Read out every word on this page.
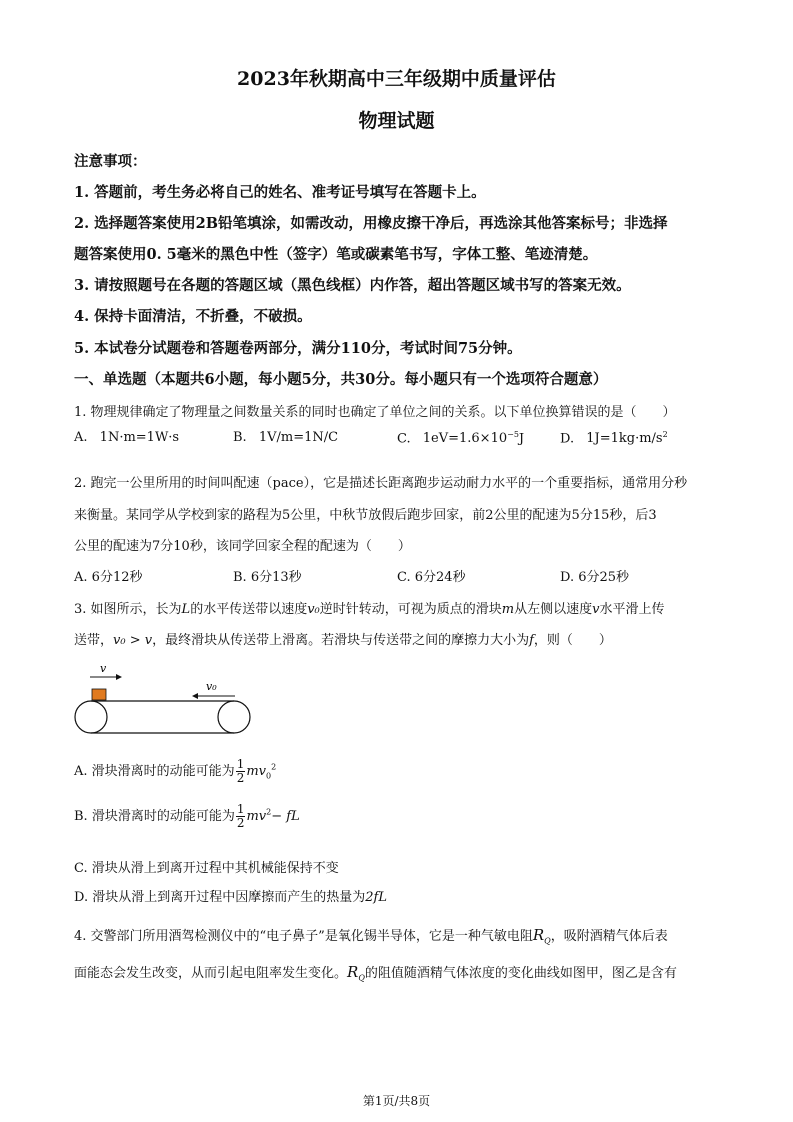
2023年秋期高中三年级期中质量评估
物理试题
注意事项：
1. 答题前，考生务必将自己的姓名、准考证号填写在答题卡上。
2. 选择题答案使用2B铅笔填涂，如需改动，用橡皮擦干净后，再选涂其他答案标号；非选择
题答案使用0. 5毫米的黑色中性（签字）笔或碳素笔书写，字体工整、笔迹清楚。
3. 请按照题号在各题的答题区域（黑色线框）内作答，超出答题区域书写的答案无效。
4. 保持卡面清洁，不折叠，不破损。
5. 本试卷分试题卷和答题卷两部分，满分110分，考试时间75分钟。
一、单选题（本题共6小题，每小题5分，共30分。每小题只有一个选项符合题意）
1. 物理规律确定了物理量之间数量关系的同时也确定了单位之间的关系。以下单位换算错误的是（　　）
A. 1N·m=1W·s	B. 1V/m=1N/C	C. $1eV=1.6\times 10^{-5}J$	D. $1J=1kg\cdot m/s^2$
2. 跑完一公里所用的时间叫配速（pace），它是描述长距离跑步运动耐力水平的一个重要指标，通常用分秒
来衡量。某同学从学校到家的路程为5公里，中秋节放假后跑步回家，前2公里的配速为5分15秒，后3
公里的配速为7分10秒，该同学回家全程的配速为（　　）
A. 6分12秒	B. 6分13秒	C. 6分24秒	D. 6分25秒
3. 如图所示，长为L的水平传送带以速度v₀逆时针转动，可视为质点的滑块m从左侧以速度v水平滑上传
送带，v₀ > v，最终滑块从传送带上滑离。若滑块与传送带之间的摩擦力大小为f，则（　　）
v
v₀
A. 滑块滑离时的动能可能为 $\frac{1}{2} mv_0^2$
B. 滑块滑离时的动能可能为 $\frac{1}{2} mv^2-$ fL
C. 滑块从滑上到离开过程中其机械能保持不变
D. 滑块从滑上到离开过程中因摩擦而产生的热量为2fL
4. 交警部门所用酒驾检测仪中的“电子鼻子”是氧化锡半导体，它是一种气敏电阻$R_Q$，吸附酒精气体后表
面能态会发生改变，从而引起电阻率发生变化。$R_Q$的阻值随酒精气体浓度的变化曲线如图甲，图乙是含有
第1页/共8页
